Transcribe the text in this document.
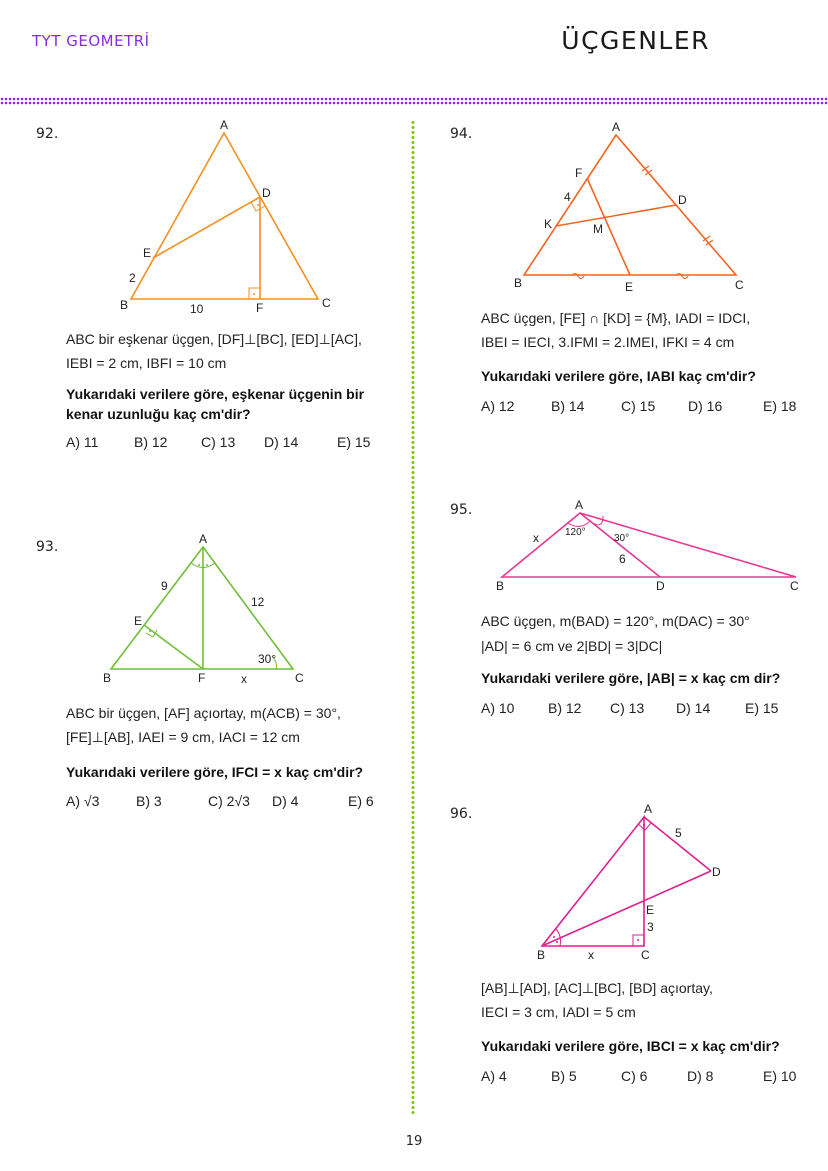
TYT GEOMETRİ	ÜÇGENLER
92.
A
B	C
D
E
F
2
10
ABC bir eşkenar üçgen, [DF]⊥[BC], [ED]⊥[AC],
IEBI = 2 cm, IBFI = 10 cm
Yukarıdaki verilere göre, eşkenar üçgenin bir kenar uzunluğu kaç cm'dir?
A) 11	B) 12	C) 13	D) 14	E) 15
93.	A
B	C
E
F
9
12
x
30°
ABC bir üçgen, [AF] açıortay, m(ACB) = 30°,
[FE]⊥[AB], IAEI = 9 cm, IACI = 12 cm
Yukarıdaki verilere göre, IFCI = x kaç cm'dir?
A) √3	B) 3	C) 2√3	D) 4	E) 6
94.	A
B	C
D
E
F
K	M
4
ABC üçgen, [FE] ∩ [KD] = {M}, IADI = IDCI,
IBEI = IECI, 3.IFMI = 2.IMEI, IFKI = 4 cm
Yukarıdaki verilere göre, IABI kaç cm'dir?
A) 12	B) 14	C) 15	D) 16	E) 18
95.	A
B	C
D
x
6
120°
30°
ABC üçgen, m(BAD) = 120°, m(DAC) = 30°
|AD| = 6 cm ve 2|BD| = 3|DC|
Yukarıdaki verilere göre, |AB| = x kaç cm dir?
A) 10	B) 12	C) 13	D) 14	E) 15
96.	A
B	C
D
E
5
3
x
[AB]⊥[AD], [AC]⊥[BC], [BD] açıortay,
IECI = 3 cm, IADI = 5 cm
Yukarıdaki verilere göre, IBCI = x kaç cm'dir?
A) 4	B) 5	C) 6	D) 8	E) 10
19
